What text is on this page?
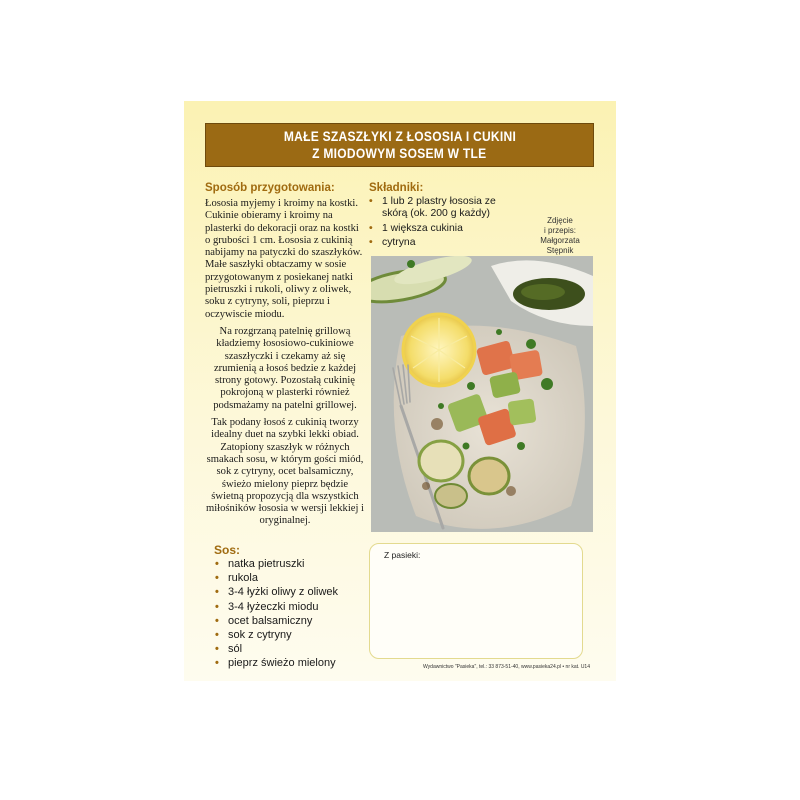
MAŁE SZASZŁYKI Z ŁOSOSIA I CUKINI
Z MIODOWYM SOSEM W TLE
Sposób przygotowania:

Łososia myjemy i kroimy na kostki. Cukinie obieramy i kroimy na plasterki do dekoracji oraz na kostki o grubości 1 cm. Łososia z cukinią nabijamy na patyczki do szaszłyków. Małe saszłyki obtaczamy w sosie przygotowanym z posiekanej natki pietruszki i rukoli, oliwy z oliwek, soku z cytryny, soli, pieprzu i oczywiscie miodu.

Na rozgrzaną patelnię grillową kładziemy łososiowo-cukiniowe szaszłyczki i czekamy aż się zrumienią a łosoś bedzie z każdej strony gotowy. Pozostałą cukinię pokrojoną w plasterki również podsmażamy na patelni grillowej.

Tak podany łosoś z cukinią tworzy idealny duet na szybki lekki obiad. Zatopiony szaszłyk w różnych smakach sosu, w którym gości miód, sok z cytryny, ocet balsamiczny, świeżo mielony pieprz będzie świetną propozycją dla wszystkich miłośników łososia w wersji lekkiej i oryginalnej.

Składniki:
• 1 lub 2 plastry łososia ze skórą (ok. 200 g każdy)
• 1 większa cukinia
• cytryna
Zdjęcie
i przepis:
Małgorzata
Stępnik
Sos:
• natka pietruszki
• rukola
• 3-4 łyżki oliwy z oliwek
• 3-4 łyżeczki miodu
• ocet balsamiczny
• sok z cytryny
• sól
• pieprz świeżo mielony
Z pasieki:
Wydawnictwo "Pasieka", tel.: 33 873-51-40, www.pasieka24.pl • nr kat. U14
